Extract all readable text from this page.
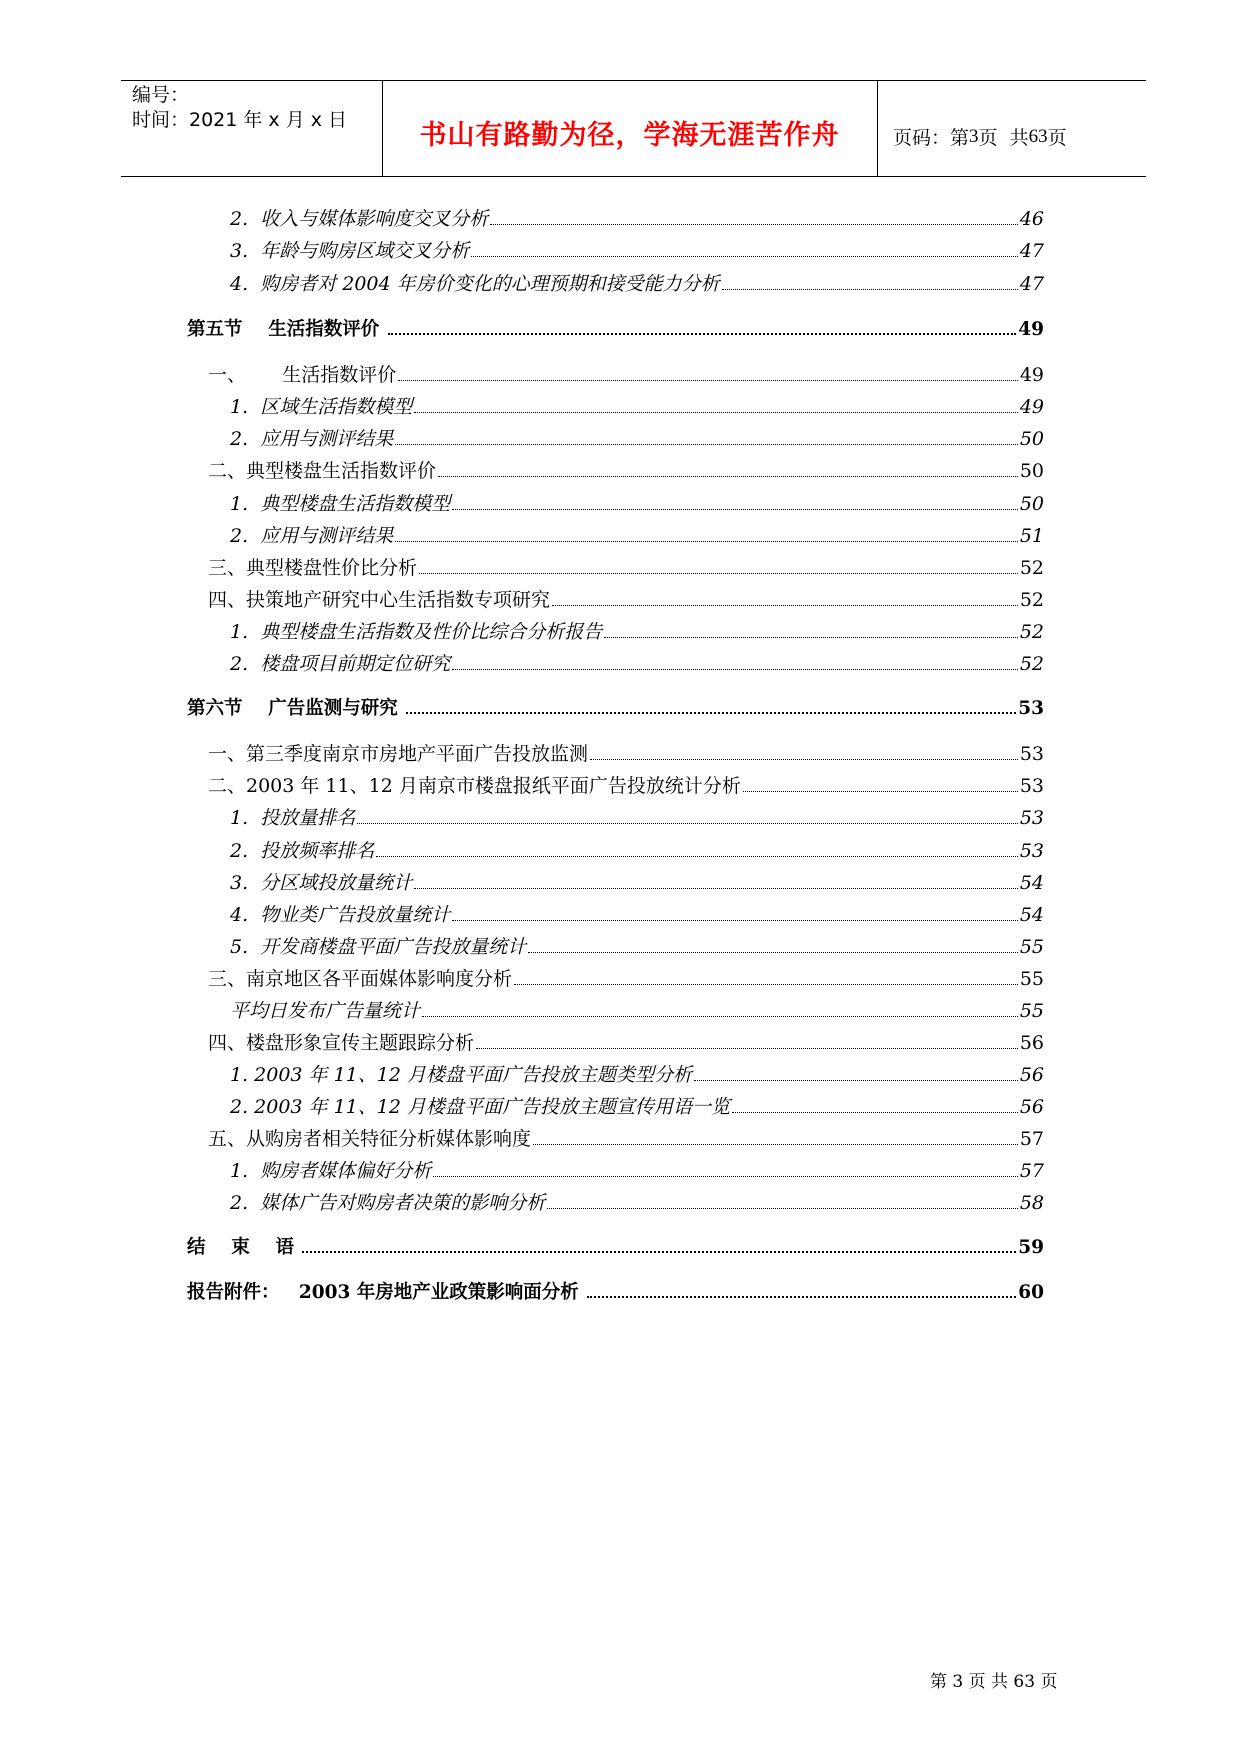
编号：
时间：2021 年 x 月 x 日	书山有路勤为径，学海无涯苦作舟	页码：第 3 页  共 63 页
2.  收入与媒体影响度交叉分析	46
3.  年龄与购房区域交叉分析	47
4.  购房者对 2004 年房价变化的心理预期和接受能力分析	47
第五节    生活指数评价	49
一、      生活指数评价	49
1.  区域生活指数模型	49
2.  应用与测评结果	50
二、典型楼盘生活指数评价	50
1.  典型楼盘生活指数模型	50
2.  应用与测评结果	51
三、典型楼盘性价比分析	52
四、抉策地产研究中心生活指数专项研究	52
1.  典型楼盘生活指数及性价比综合分析报告	52
2.  楼盘项目前期定位研究	52
第六节    广告监测与研究	53
一、第三季度南京市房地产平面广告投放监测	53
二、2003 年 11、12 月南京市楼盘报纸平面广告投放统计分析	53
1.  投放量排名	53
2.  投放频率排名	53
3.  分区域投放量统计	54
4.  物业类广告投放量统计	54
5.  开发商楼盘平面广告投放量统计	55
三、南京地区各平面媒体影响度分析	55
平均日发布广告量统计	55
四、楼盘形象宣传主题跟踪分析	56
1. 2003 年 11、12 月楼盘平面广告投放主题类型分析	56
2. 2003 年 11、12 月楼盘平面广告投放主题宣传用语一览	56
五、从购房者相关特征分析媒体影响度	57
1.  购房者媒体偏好分析	57
2.  媒体广告对购房者决策的影响分析	58
结    束    语	59
报告附件：   2003 年房地产业政策影响面分析	60
第 3 页 共 63 页
